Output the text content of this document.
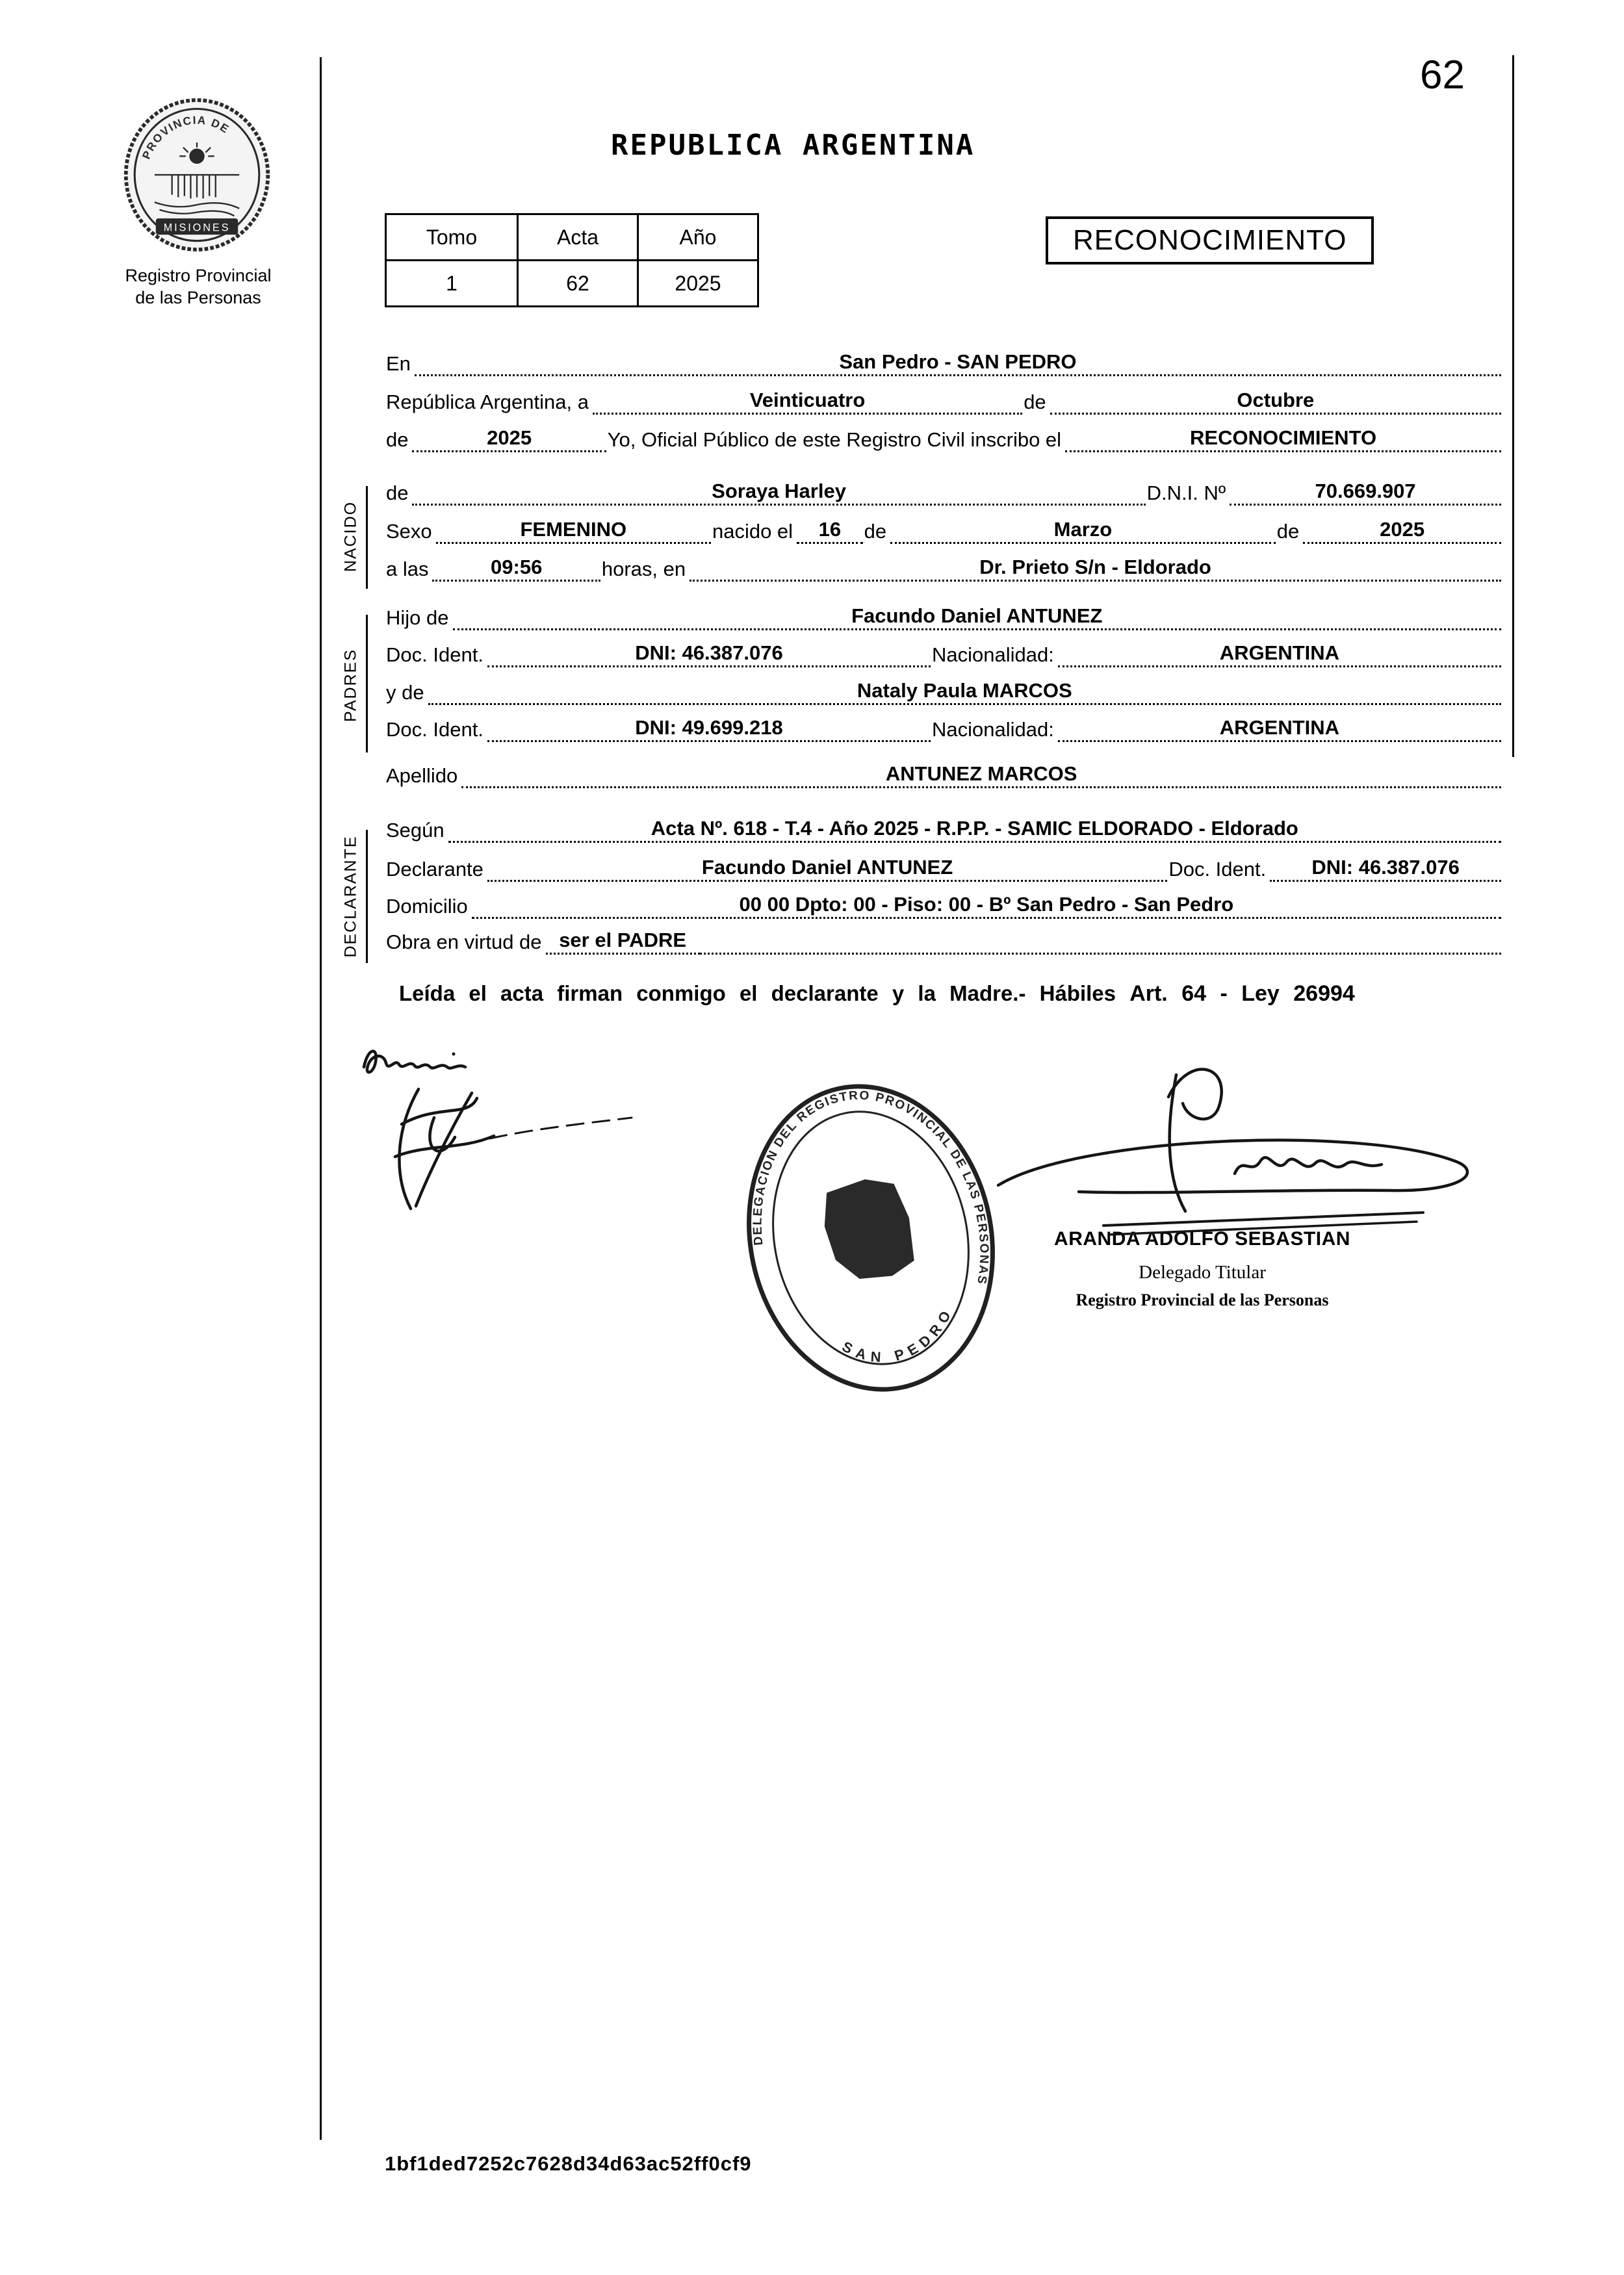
62
PROVINCIA DE
MISIONES
Registro Provincial
de las Personas
REPUBLICA ARGENTINA
Tomo	Acta	Año
1	62	2025
RECONOCIMIENTO
NACIDO
PADRES
DECLARANTE
En	San Pedro - SAN PEDRO
República Argentina, a	Veinticuatro	de	Octubre
de	2025	Yo, Oficial Público de este Registro Civil inscribo el	RECONOCIMIENTO
de	Soraya Harley	D.N.I. Nº	70.669.907
Sexo	FEMENINO	nacido el	16	de	Marzo	de	2025
a las	09:56	horas, en	Dr. Prieto S/n - Eldorado
Hijo de	Facundo Daniel ANTUNEZ
Doc. Ident.	DNI: 46.387.076	Nacionalidad:	ARGENTINA
y de	Nataly Paula MARCOS
Doc. Ident.	DNI: 49.699.218	Nacionalidad:	ARGENTINA
Apellido	ANTUNEZ MARCOS
Según	Acta Nº. 618 - T.4 - Año 2025 - R.P.P. - SAMIC ELDORADO - Eldorado
Declarante	Facundo Daniel ANTUNEZ	Doc. Ident.	DNI: 46.387.076
Domicilio	00 00 Dpto: 00 - Piso: 00 - Bº San Pedro - San Pedro
Obra en virtud de ser el PADRE
Leída el acta firman conmigo el declarante y la Madre.- Hábiles Art. 64 - Ley 26994
DELEGACION DEL REGISTRO PROVINCIAL DE LAS PERSONAS
SAN PEDRO
ARANDA ADOLFO SEBASTIAN
Delegado Titular
Registro Provincial de las Personas
1bf1ded7252c7628d34d63ac52ff0cf9
